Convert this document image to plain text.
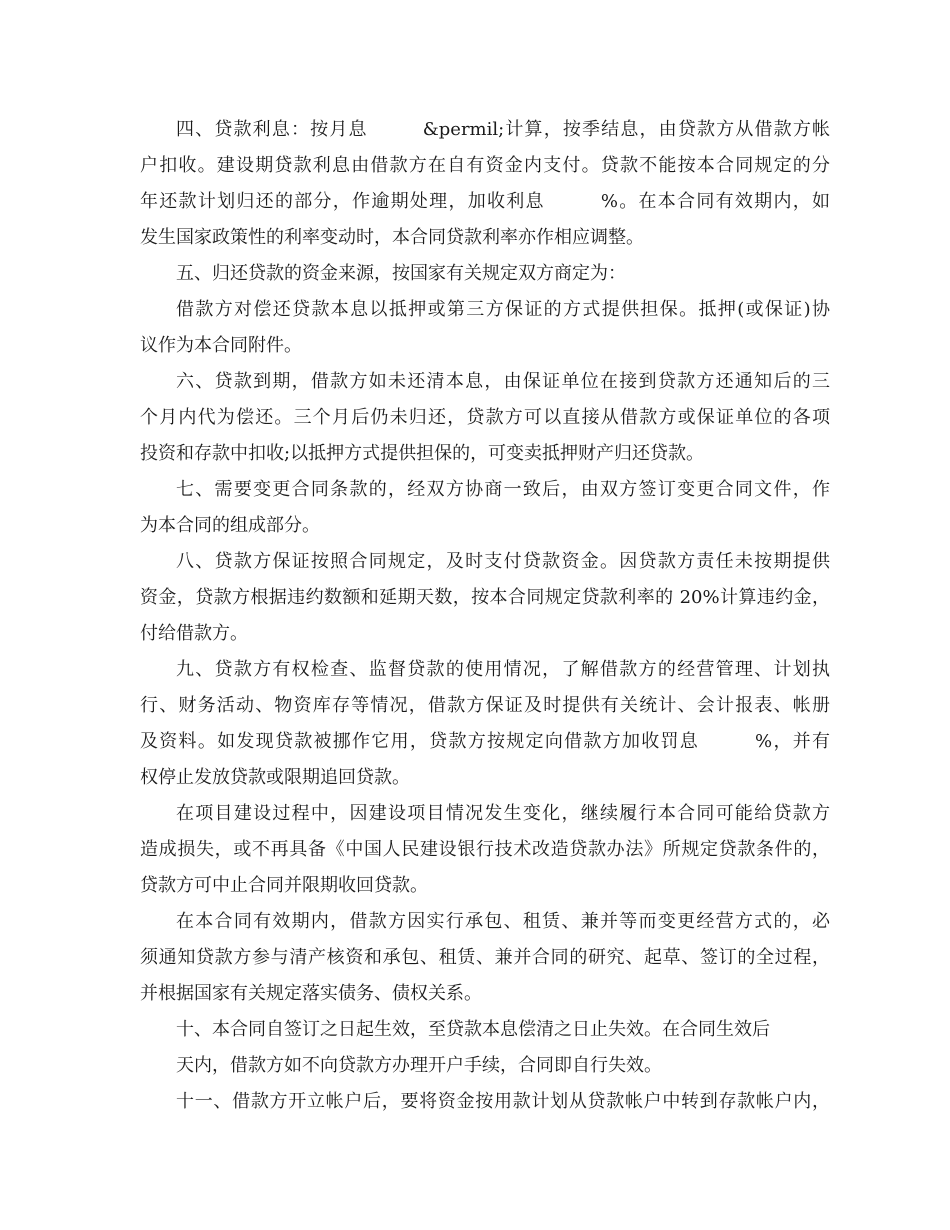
四、贷款利息：按月息        &permil;计算，按季结息，由贷款方从借款方帐
户扣收。建设期贷款利息由借款方在自有资金内支付。贷款不能按本合同规定的分
年还款计划归还的部分，作逾期处理，加收利息        %。在本合同有效期内，如
发生国家政策性的利率变动时，本合同贷款利率亦作相应调整。
五、归还贷款的资金来源，按国家有关规定双方商定为：
借款方对偿还贷款本息以抵押或第三方保证的方式提供担保。抵押(或保证)协
议作为本合同附件。
六、贷款到期，借款方如未还清本息，由保证单位在接到贷款方还通知后的三
个月内代为偿还。三个月后仍未归还，贷款方可以直接从借款方或保证单位的各项
投资和存款中扣收;以抵押方式提供担保的，可变卖抵押财产归还贷款。
七、需要变更合同条款的，经双方协商一致后，由双方签订变更合同文件，作
为本合同的组成部分。
八、贷款方保证按照合同规定，及时支付贷款资金。因贷款方责任未按期提供
资金，贷款方根据违约数额和延期天数，按本合同规定贷款利率的 20%计算违约金，
付给借款方。
九、贷款方有权检查、监督贷款的使用情况，了解借款方的经营管理、计划执
行、财务活动、物资库存等情况，借款方保证及时提供有关统计、会计报表、帐册
及资料。如发现贷款被挪作它用，贷款方按规定向借款方加收罚息        %，并有
权停止发放贷款或限期追回贷款。
在项目建设过程中，因建设项目情况发生变化，继续履行本合同可能给贷款方
造成损失，或不再具备《中国人民建设银行技术改造贷款办法》所规定贷款条件的，
贷款方可中止合同并限期收回贷款。
在本合同有效期内，借款方因实行承包、租赁、兼并等而变更经营方式的，必
须通知贷款方参与清产核资和承包、租赁、兼并合同的研究、起草、签订的全过程，
并根据国家有关规定落实债务、债权关系。
十、本合同自签订之日起生效，至贷款本息偿清之日止失效。在合同生效后
天内，借款方如不向贷款方办理开户手续，合同即自行失效。
十一、借款方开立帐户后，要将资金按用款计划从贷款帐户中转到存款帐户内，
